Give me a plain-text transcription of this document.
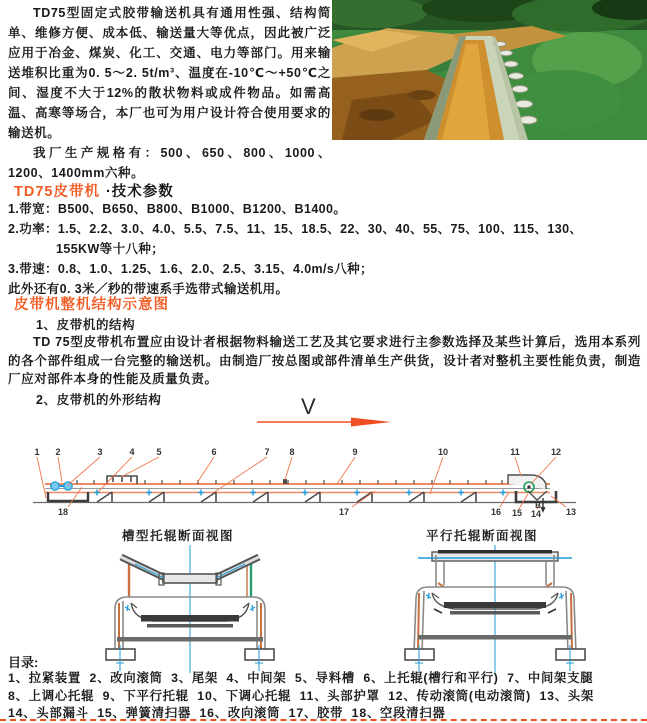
TD75型固定式胶带输送机具有通用性强、结构简单、维修方便、成本低、输送量大等优点，因此被广泛应用于冶金、煤炭、化工、交通、电力等部门。用来输送堆积比重为0. 5～2. 5t/m³、温度在-10℃～+50℃之间、湿度不大于12%的散状物料或成件物品。如需高温、高寒等场合，本厂也可为用户设计符合使用要求的输送机。

我厂生产规格有：500、650、800、1000、1200、1400mm六种。

TD75皮带机 ·技术参数
1.带宽：B500、B650、B800、B1000、B1200、B1400。
2.功率：1.5、2.2、3.0、4.0、5.5、7.5、11、15、18.5、22、30、40、55、75、100、115、130、
155KW等十八种；
3.带速：0.8、1.0、1.25、1.6、2.0、2.5、3.15、4.0m/s八种；
此外还有0. 3米／秒的带速系手选带式输送机用。
皮带机整机结构示意图
1、皮带机的结构

TD 75型皮带机布置应由设计者根据物料输送工艺及其它要求进行主参数选择及某些计算后，选用本系列的各个部件组成一台完整的输送机。由制造厂按总图或部件清单生产供货，设计者对整机主要性能负责，制造厂应对部件本身的性能及质量负责。

2、皮带机的外形结构	V
1 2	3	4 5	6	7 8	9	10	11	12
13
14
15
16
17
18
B
槽型托辊断面视图	平行托辊断面视图
目录:
1、拉紧装置  2、改向滚筒  3、尾架  4、中间架  5、导料槽  6、上托辊(槽行和平行)  7、中间架支腿
8、上调心托辊  9、下平行托辊  10、下调心托辊  11、头部护罩  12、传动滚筒(电动滚筒)  13、头架
14、头部漏斗  15、弹簧清扫器  16、改向滚筒  17、胶带  18、空段清扫器
